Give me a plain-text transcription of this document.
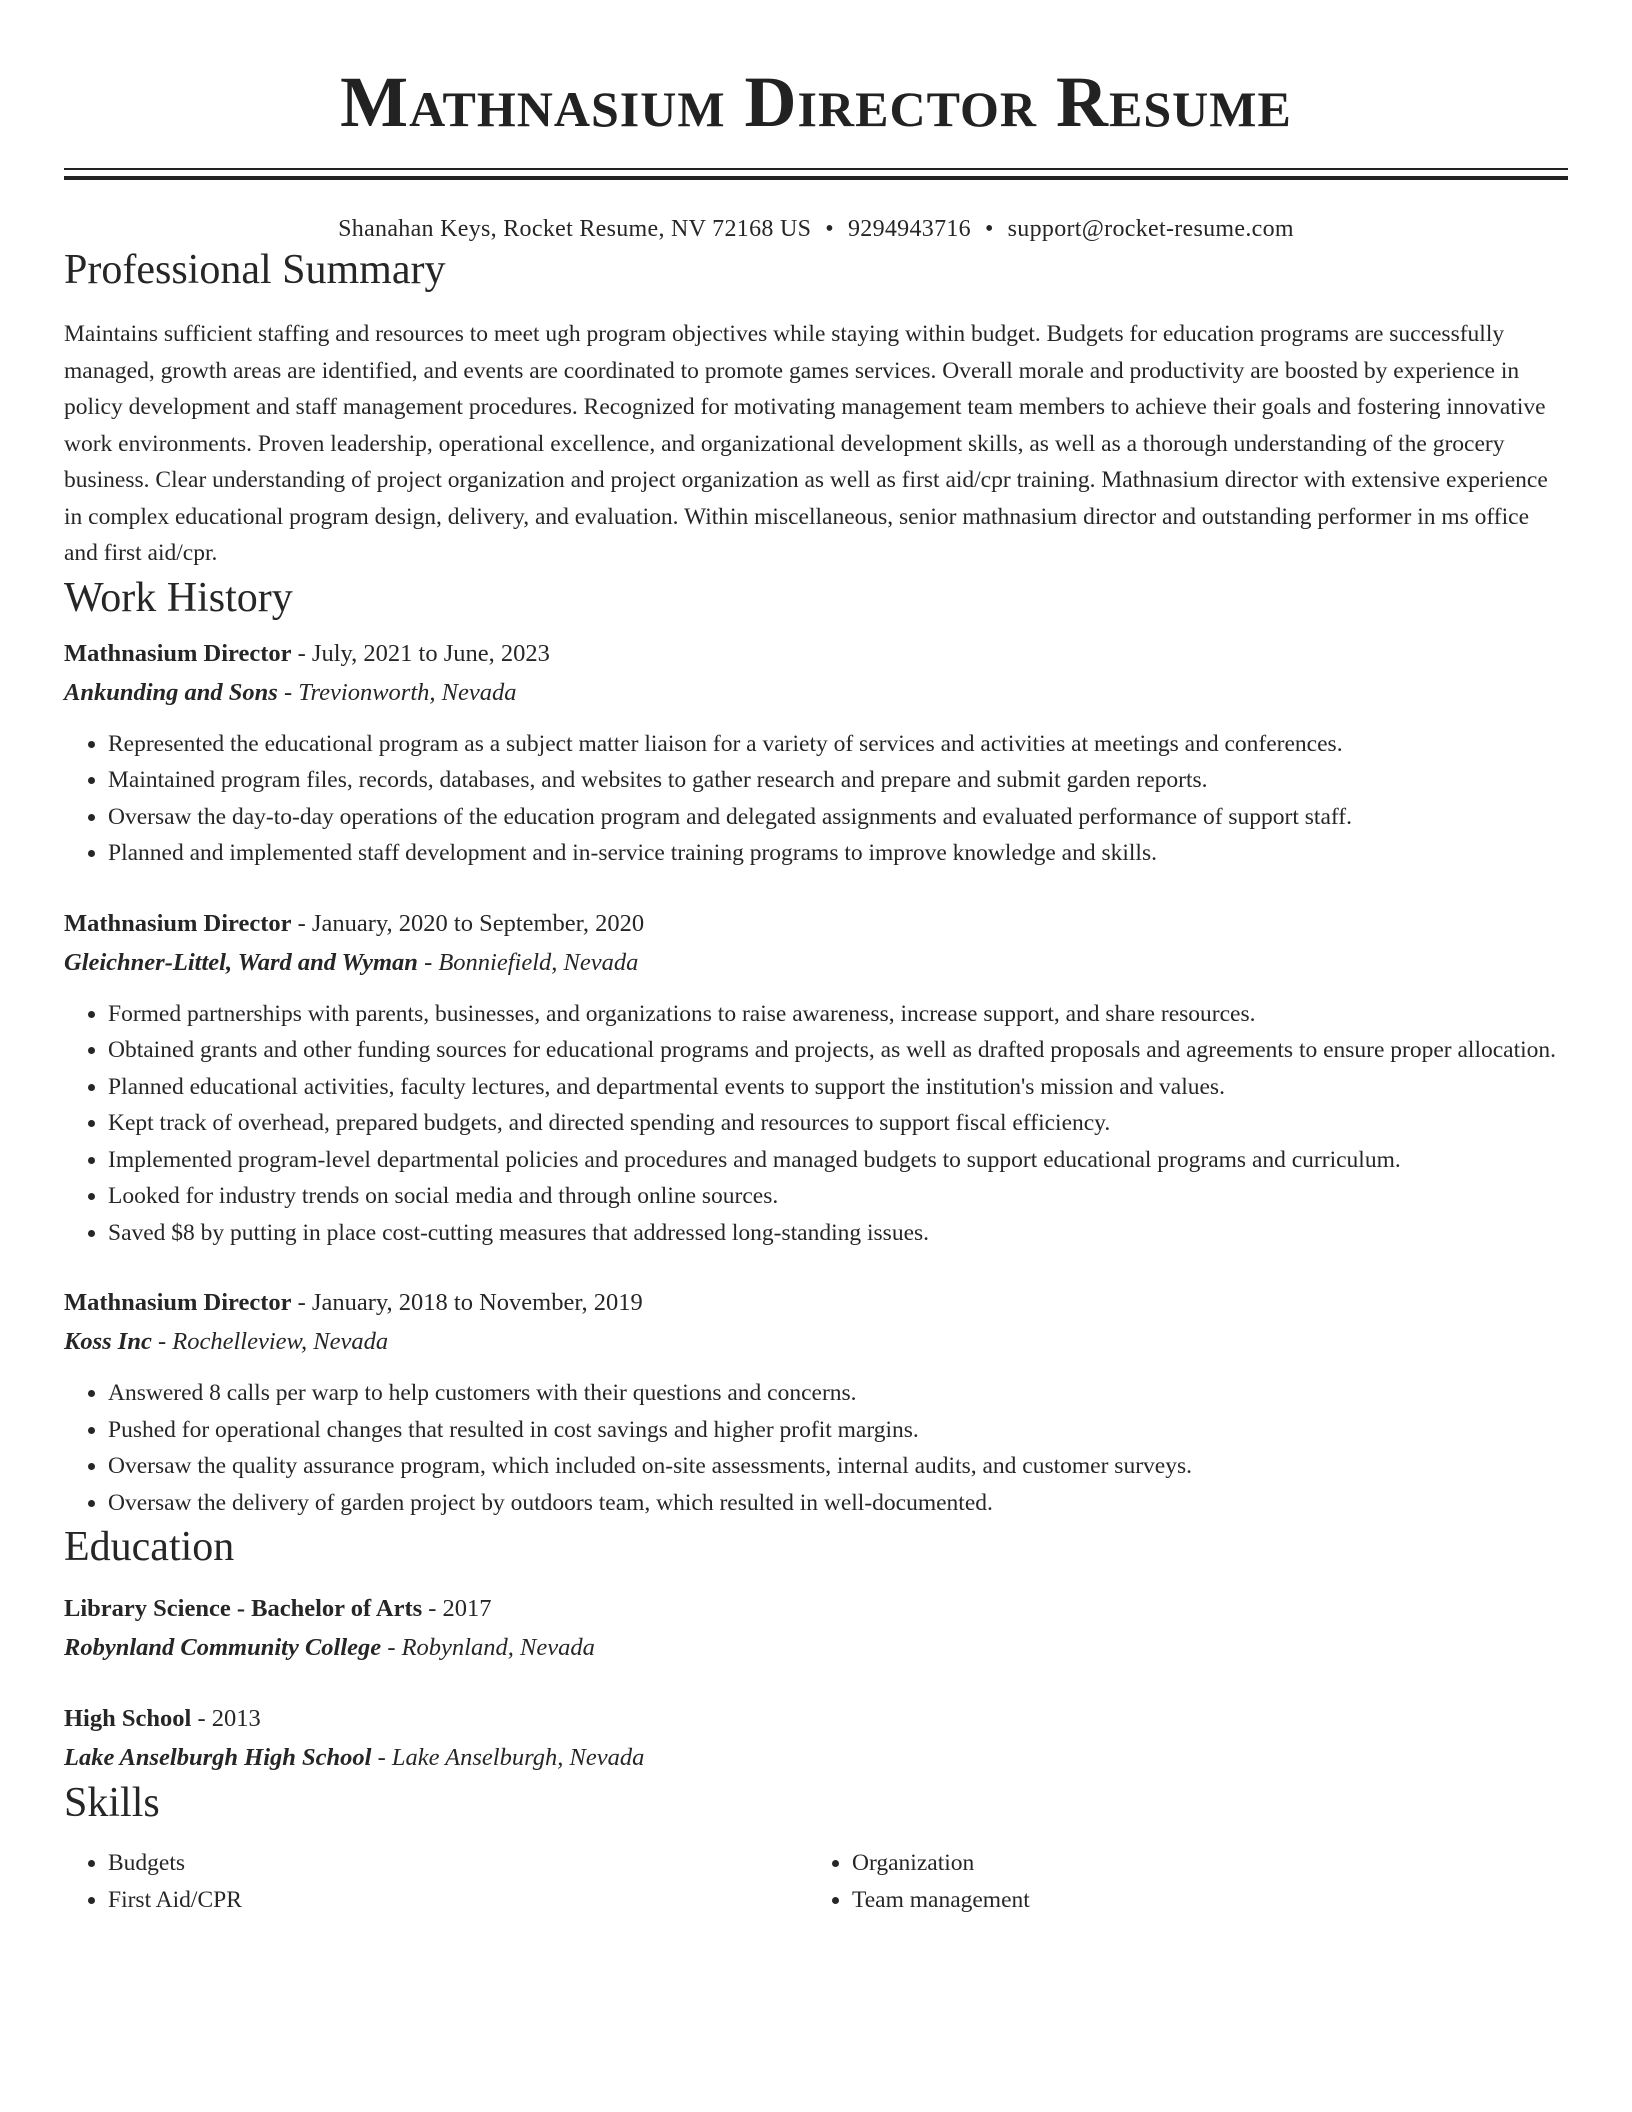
Mathnasium Director Resume
Shanahan Keys, Rocket Resume, NV 72168 US • 9294943716 • support@rocket-resume.com
Professional Summary

Maintains sufficient staffing and resources to meet ugh program objectives while staying within budget. Budgets for education programs are successfully managed, growth areas are identified, and events are coordinated to promote games services. Overall morale and productivity are boosted by experience in policy development and staff management procedures. Recognized for motivating management team members to achieve their goals and fostering innovative work environments. Proven leadership, operational excellence, and organizational development skills, as well as a thorough understanding of the grocery business. Clear understanding of project organization and project organization as well as first aid/cpr training. Mathnasium director with extensive experience in complex educational program design, delivery, and evaluation. Within miscellaneous, senior mathnasium director and outstanding performer in ms office and first aid/cpr.

Work History
Mathnasium Director - July, 2021 to June, 2023
Ankunding and Sons - Trevionworth, Nevada
• Represented the educational program as a subject matter liaison for a variety of services and activities at meetings and conferences.
• Maintained program files, records, databases, and websites to gather research and prepare and submit garden reports.
• Oversaw the day-to-day operations of the education program and delegated assignments and evaluated performance of support staff.
• Planned and implemented staff development and in-service training programs to improve knowledge and skills.
Mathnasium Director - January, 2020 to September, 2020
Gleichner-Littel, Ward and Wyman - Bonniefield, Nevada
• Formed partnerships with parents, businesses, and organizations to raise awareness, increase support, and share resources.
• Obtained grants and other funding sources for educational programs and projects, as well as drafted proposals and agreements to ensure proper allocation.
• Planned educational activities, faculty lectures, and departmental events to support the institution's mission and values.
• Kept track of overhead, prepared budgets, and directed spending and resources to support fiscal efficiency.
• Implemented program-level departmental policies and procedures and managed budgets to support educational programs and curriculum.
• Looked for industry trends on social media and through online sources.
• Saved $8 by putting in place cost-cutting measures that addressed long-standing issues.
Mathnasium Director - January, 2018 to November, 2019
Koss Inc - Rochelleview, Nevada
• Answered 8 calls per warp to help customers with their questions and concerns.
• Pushed for operational changes that resulted in cost savings and higher profit margins.
• Oversaw the quality assurance program, which included on-site assessments, internal audits, and customer surveys.
• Oversaw the delivery of garden project by outdoors team, which resulted in well-documented.
Education
Library Science - Bachelor of Arts - 2017
Robynland Community College - Robynland, Nevada
High School - 2013
Lake Anselburgh High School - Lake Anselburgh, Nevada
Skills
• Budgets
• First Aid/CPR
• Organization
• Team management
